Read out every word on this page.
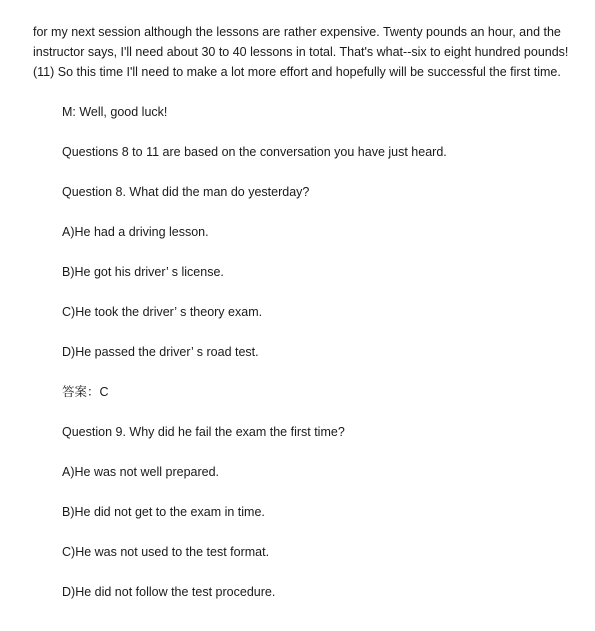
for my next session although the lessons are rather expensive. Twenty pounds an hour, and the
instructor says, I'll need about 30 to 40 lessons in total. That's what--six to eight hundred pounds!
(11) So this time I'll need to make a lot more effort and hopefully will be successful the first time.

M: Well, good luck!

Questions 8 to 11 are based on the conversation you have just heard.

Question 8. What did the man do yesterday?

A)He had a driving lesson.

B)He got his driver’ s license.

C)He took the driver’ s theory exam.

D)He passed the driver’ s road test.

答案：C

Question 9. Why did he fail the exam the first time?

A)He was not well prepared.

B)He did not get to the exam in time.

C)He was not used to the test format.

D)He did not follow the test procedure.
